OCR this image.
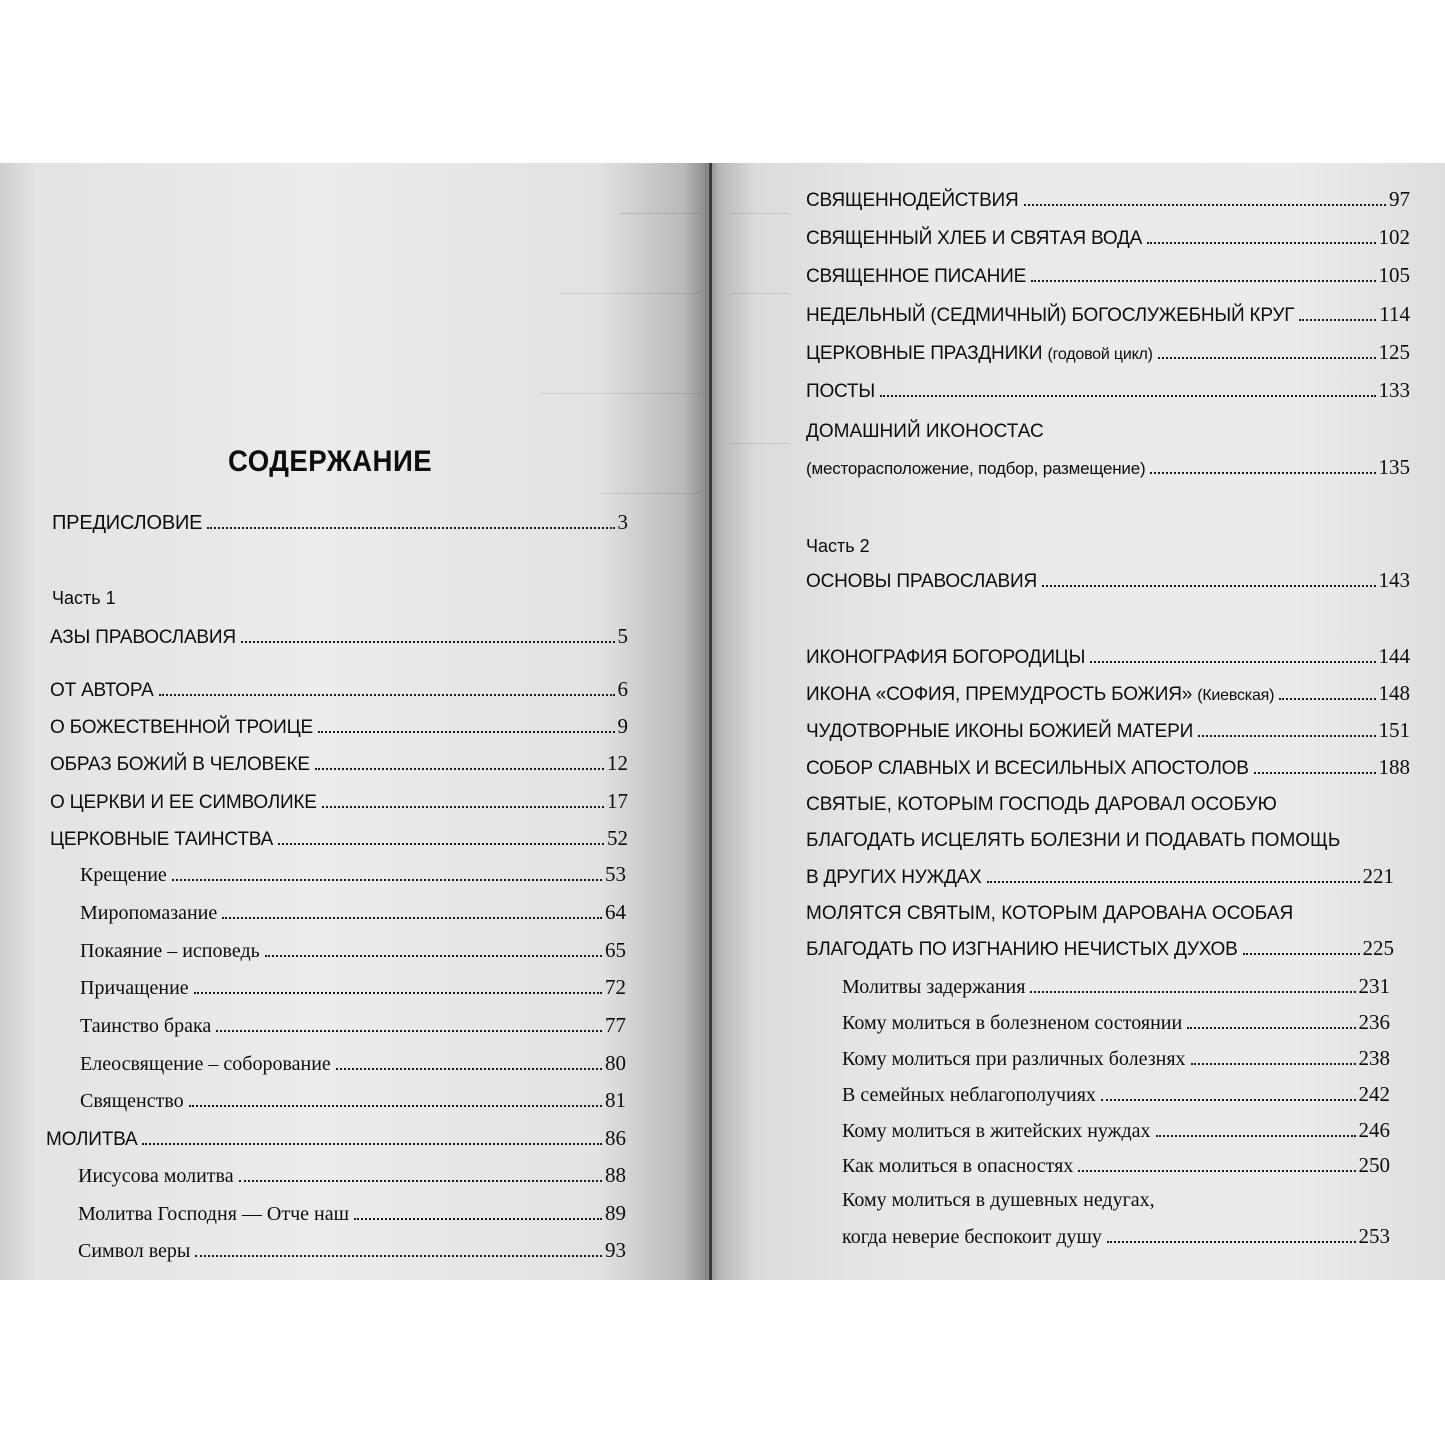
СОДЕРЖАНИЕ
ПРЕДИСЛОВИЕ	3
Часть 1
АЗЫ ПРАВОСЛАВИЯ	5
ОТ АВТОРА	6
О БОЖЕСТВЕННОЙ ТРОИЦЕ	9
ОБРАЗ БОЖИЙ В ЧЕЛОВЕКЕ	12
О ЦЕРКВИ И ЕЕ СИМВОЛИКЕ	17
ЦЕРКОВНЫЕ ТАИНСТВА	52
Крещение	53
Миропомазание	64
Покаяние – исповедь	65
Причащение	72
Таинство брака	77
Елеосвящение – соборование	80
Священство	81
МОЛИТВА	86
Иисусова молитва	88
Молитва Господня — Отче наш	89
Символ веры	93
СВЯЩЕННОДЕЙСТВИЯ	97
СВЯЩЕННЫЙ ХЛЕБ И СВЯТАЯ ВОДА	102
СВЯЩЕННОЕ ПИСАНИЕ	105
НЕДЕЛЬНЫЙ (СЕДМИЧНЫЙ) БОГОСЛУЖЕБНЫЙ КРУГ	114
ЦЕРКОВНЫЕ ПРАЗДНИКИ (годовой цикл)	125
ПОСТЫ	133
ДОМАШНИЙ ИКОНОСТАС
(месторасположение, подбор, размещение)	135
Часть 2
ОСНОВЫ ПРАВОСЛАВИЯ	143
ИКОНОГРАФИЯ БОГОРОДИЦЫ	144
ИКОНА «СОФИЯ, ПРЕМУДРОСТЬ БОЖИЯ» (Киевская)	148
ЧУДОТВОРНЫЕ ИКОНЫ БОЖИЕЙ МАТЕРИ	151
СОБОР СЛАВНЫХ И ВСЕСИЛЬНЫХ АПОСТОЛОВ	188
СВЯТЫЕ, КОТОРЫМ ГОСПОДЬ ДАРОВАЛ ОСОБУЮ
БЛАГОДАТЬ ИСЦЕЛЯТЬ БОЛЕЗНИ И ПОДАВАТЬ ПОМОЩЬ
В ДРУГИХ НУЖДАХ	221
МОЛЯТСЯ СВЯТЫМ, КОТОРЫМ ДАРОВАНА ОСОБАЯ
БЛАГОДАТЬ ПО ИЗГНАНИЮ НЕЧИСТЫХ ДУХОВ	225
Молитвы задержания	231
Кому молиться в болезненом состоянии	236
Кому молиться при различных болезнях	238
В семейных неблагополучиях	242
Кому молиться в житейских нуждах	246
Как молиться в опасностях	250
Кому молиться в душевных недугах,
когда неверие беспокоит душу	253
